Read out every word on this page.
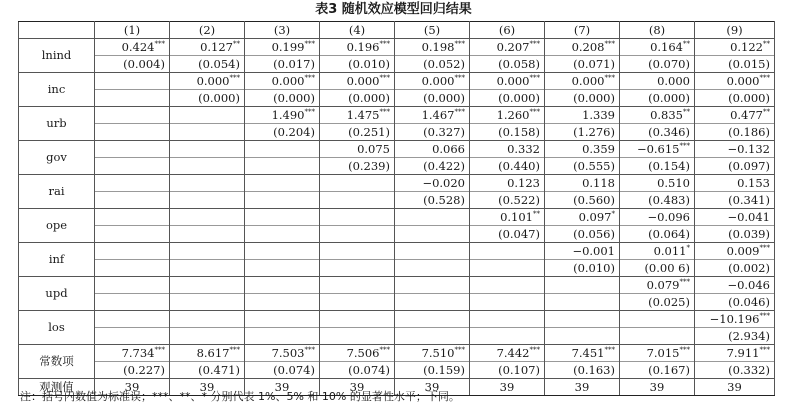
表3 随机效应模型回归结果
	(1)	(2)	(3)	(4)	(5)	(6)	(7)	(8)	(9)
lnind	0.424***	0.127**	0.199***	0.196***	0.198***	0.207***	0.208***	0.164**	0.122**
	(0.004)	(0.054)	(0.017)	(0.010)	(0.052)	(0.058)	(0.071)	(0.070)	(0.015)
inc		0.000***	0.000***	0.000***	0.000***	0.000***	0.000***	0.000	0.000***
		(0.000)	(0.000)	(0.000)	(0.000)	(0.000)	(0.000)	(0.000)	(0.000)
urb			1.490***	1.475***	1.467***	1.260***	1.339	0.835**	0.477**
			(0.204)	(0.251)	(0.327)	(0.158)	(1.276)	(0.346)	(0.186)
gov				0.075	0.066	0.332	0.359	−0.615***	−0.132
				(0.239)	(0.422)	(0.440)	(0.555)	(0.154)	(0.097)
rai					−0.020	0.123	0.118	0.510	0.153
					(0.528)	(0.522)	(0.560)	(0.483)	(0.341)
ope						0.101**	0.097*	−0.096	−0.041
						(0.047)	(0.056)	(0.064)	(0.039)
inf							−0.001	0.011*	0.009***
							(0.010)	(0.00 6)	(0.002)
upd								0.079***	−0.046
								(0.025)	(0.046)
los									−10.196***
									(2.934)
常数项	7.734***	8.617***	7.503***	7.506***	7.510***	7.442***	7.451***	7.015***	7.911***
	(0.227)	(0.471)	(0.074)	(0.074)	(0.159)	(0.107)	(0.163)	(0.167)	(0.332)
观测值	39	39	39	39	39	39	39	39	39
注：括号内数值为标准误；***、**、* 分别代表 1%、5% 和 10% 的显著性水平；下同。
